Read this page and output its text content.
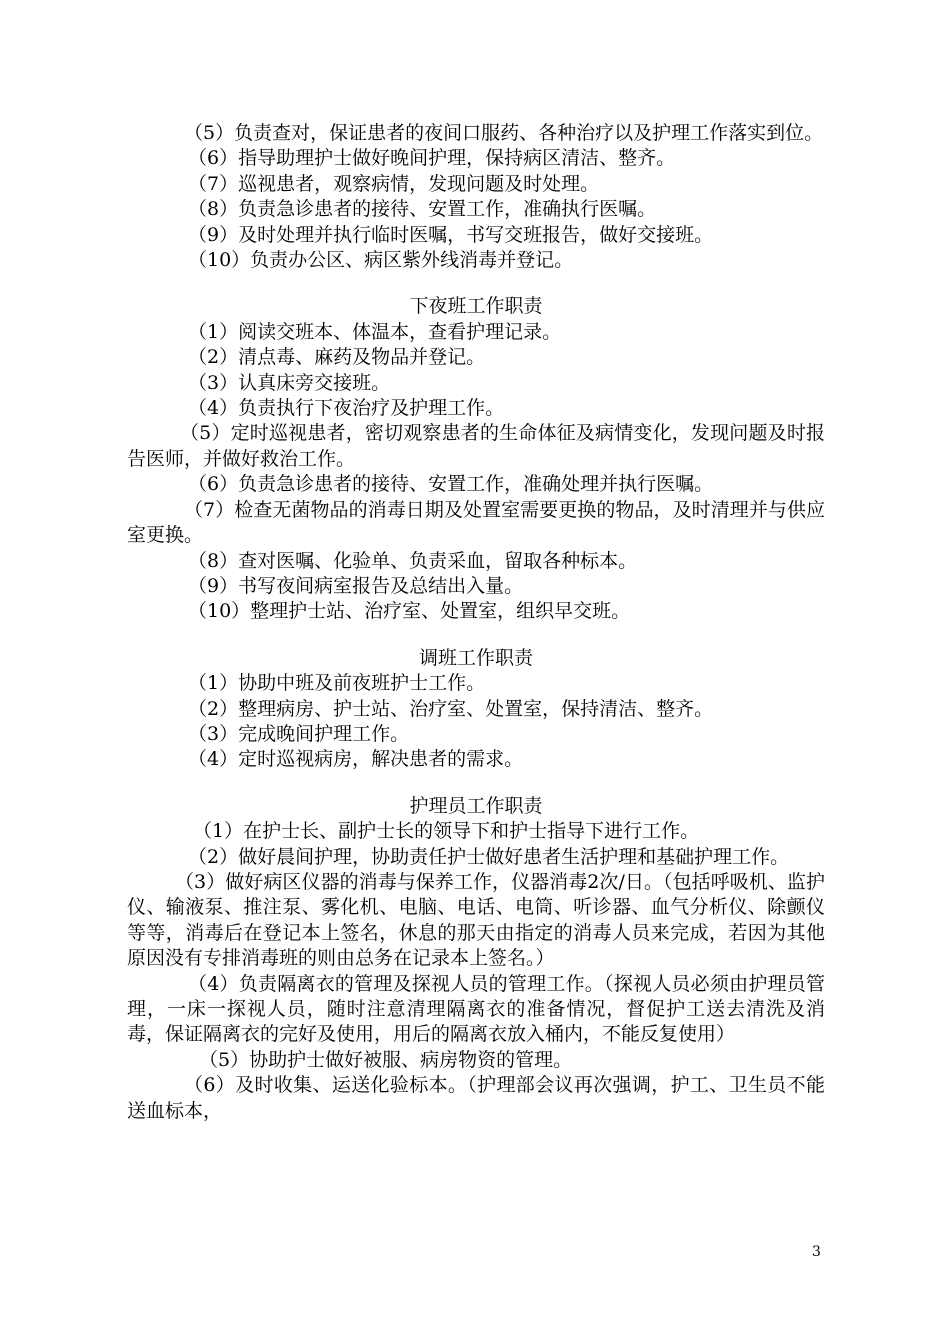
（5）负责查对，保证患者的夜间口服药、各种治疗以及护理工作落实到位。

（6）指导助理护士做好晚间护理，保持病区清洁、整齐。

（7）巡视患者，观察病情，发现问题及时处理。

（8）负责急诊患者的接待、安置工作，准确执行医嘱。

（9）及时处理并执行临时医嘱，书写交班报告，做好交接班。

（10）负责办公区、病区紫外线消毒并登记。

下夜班工作职责

（1）阅读交班本、体温本，查看护理记录。

（2）清点毒、麻药及物品并登记。

（3）认真床旁交接班。

（4）负责执行下夜治疗及护理工作。

（5）定时巡视患者，密切观察患者的生命体征及病情变化，发现问题及时报告医师，并做好救治工作。

（6）负责急诊患者的接待、安置工作，准确处理并执行医嘱。

（7）检查无菌物品的消毒日期及处置室需要更换的物品，及时清理并与供应室更换。

（8）查对医嘱、化验单、负责采血，留取各种标本。

（9）书写夜间病室报告及总结出入量。

（10）整理护士站、治疗室、处置室，组织早交班。

调班工作职责

（1）协助中班及前夜班护士工作。

（2）整理病房、护士站、治疗室、处置室，保持清洁、整齐。

（3）完成晚间护理工作。

（4）定时巡视病房，解决患者的需求。

护理员工作职责

（1）在护士长、副护士长的领导下和护士指导下进行工作。

（2）做好晨间护理，协助责任护士做好患者生活护理和基础护理工作。

（3）做好病区仪器的消毒与保养工作，仪器消毒2次/日。（包括呼吸机、监护仪、输液泵、推注泵、雾化机、电脑、电话、电筒、听诊器、血气分析仪、除颤仪等等，消毒后在登记本上签名，休息的那天由指定的消毒人员来完成，若因为其他原因没有专排消毒班的则由总务在记录本上签名。）

（4）负责隔离衣的管理及探视人员的管理工作。（探视人员必须由护理员管理，一床一探视人员，随时注意清理隔离衣的准备情况，督促护工送去清洗及消毒，保证隔离衣的完好及使用，用后的隔离衣放入桶内，不能反复使用）

（5）协助护士做好被服、病房物资的管理。

（6）及时收集、运送化验标本。（护理部会议再次强调，护工、卫生员不能送血标本，

3
